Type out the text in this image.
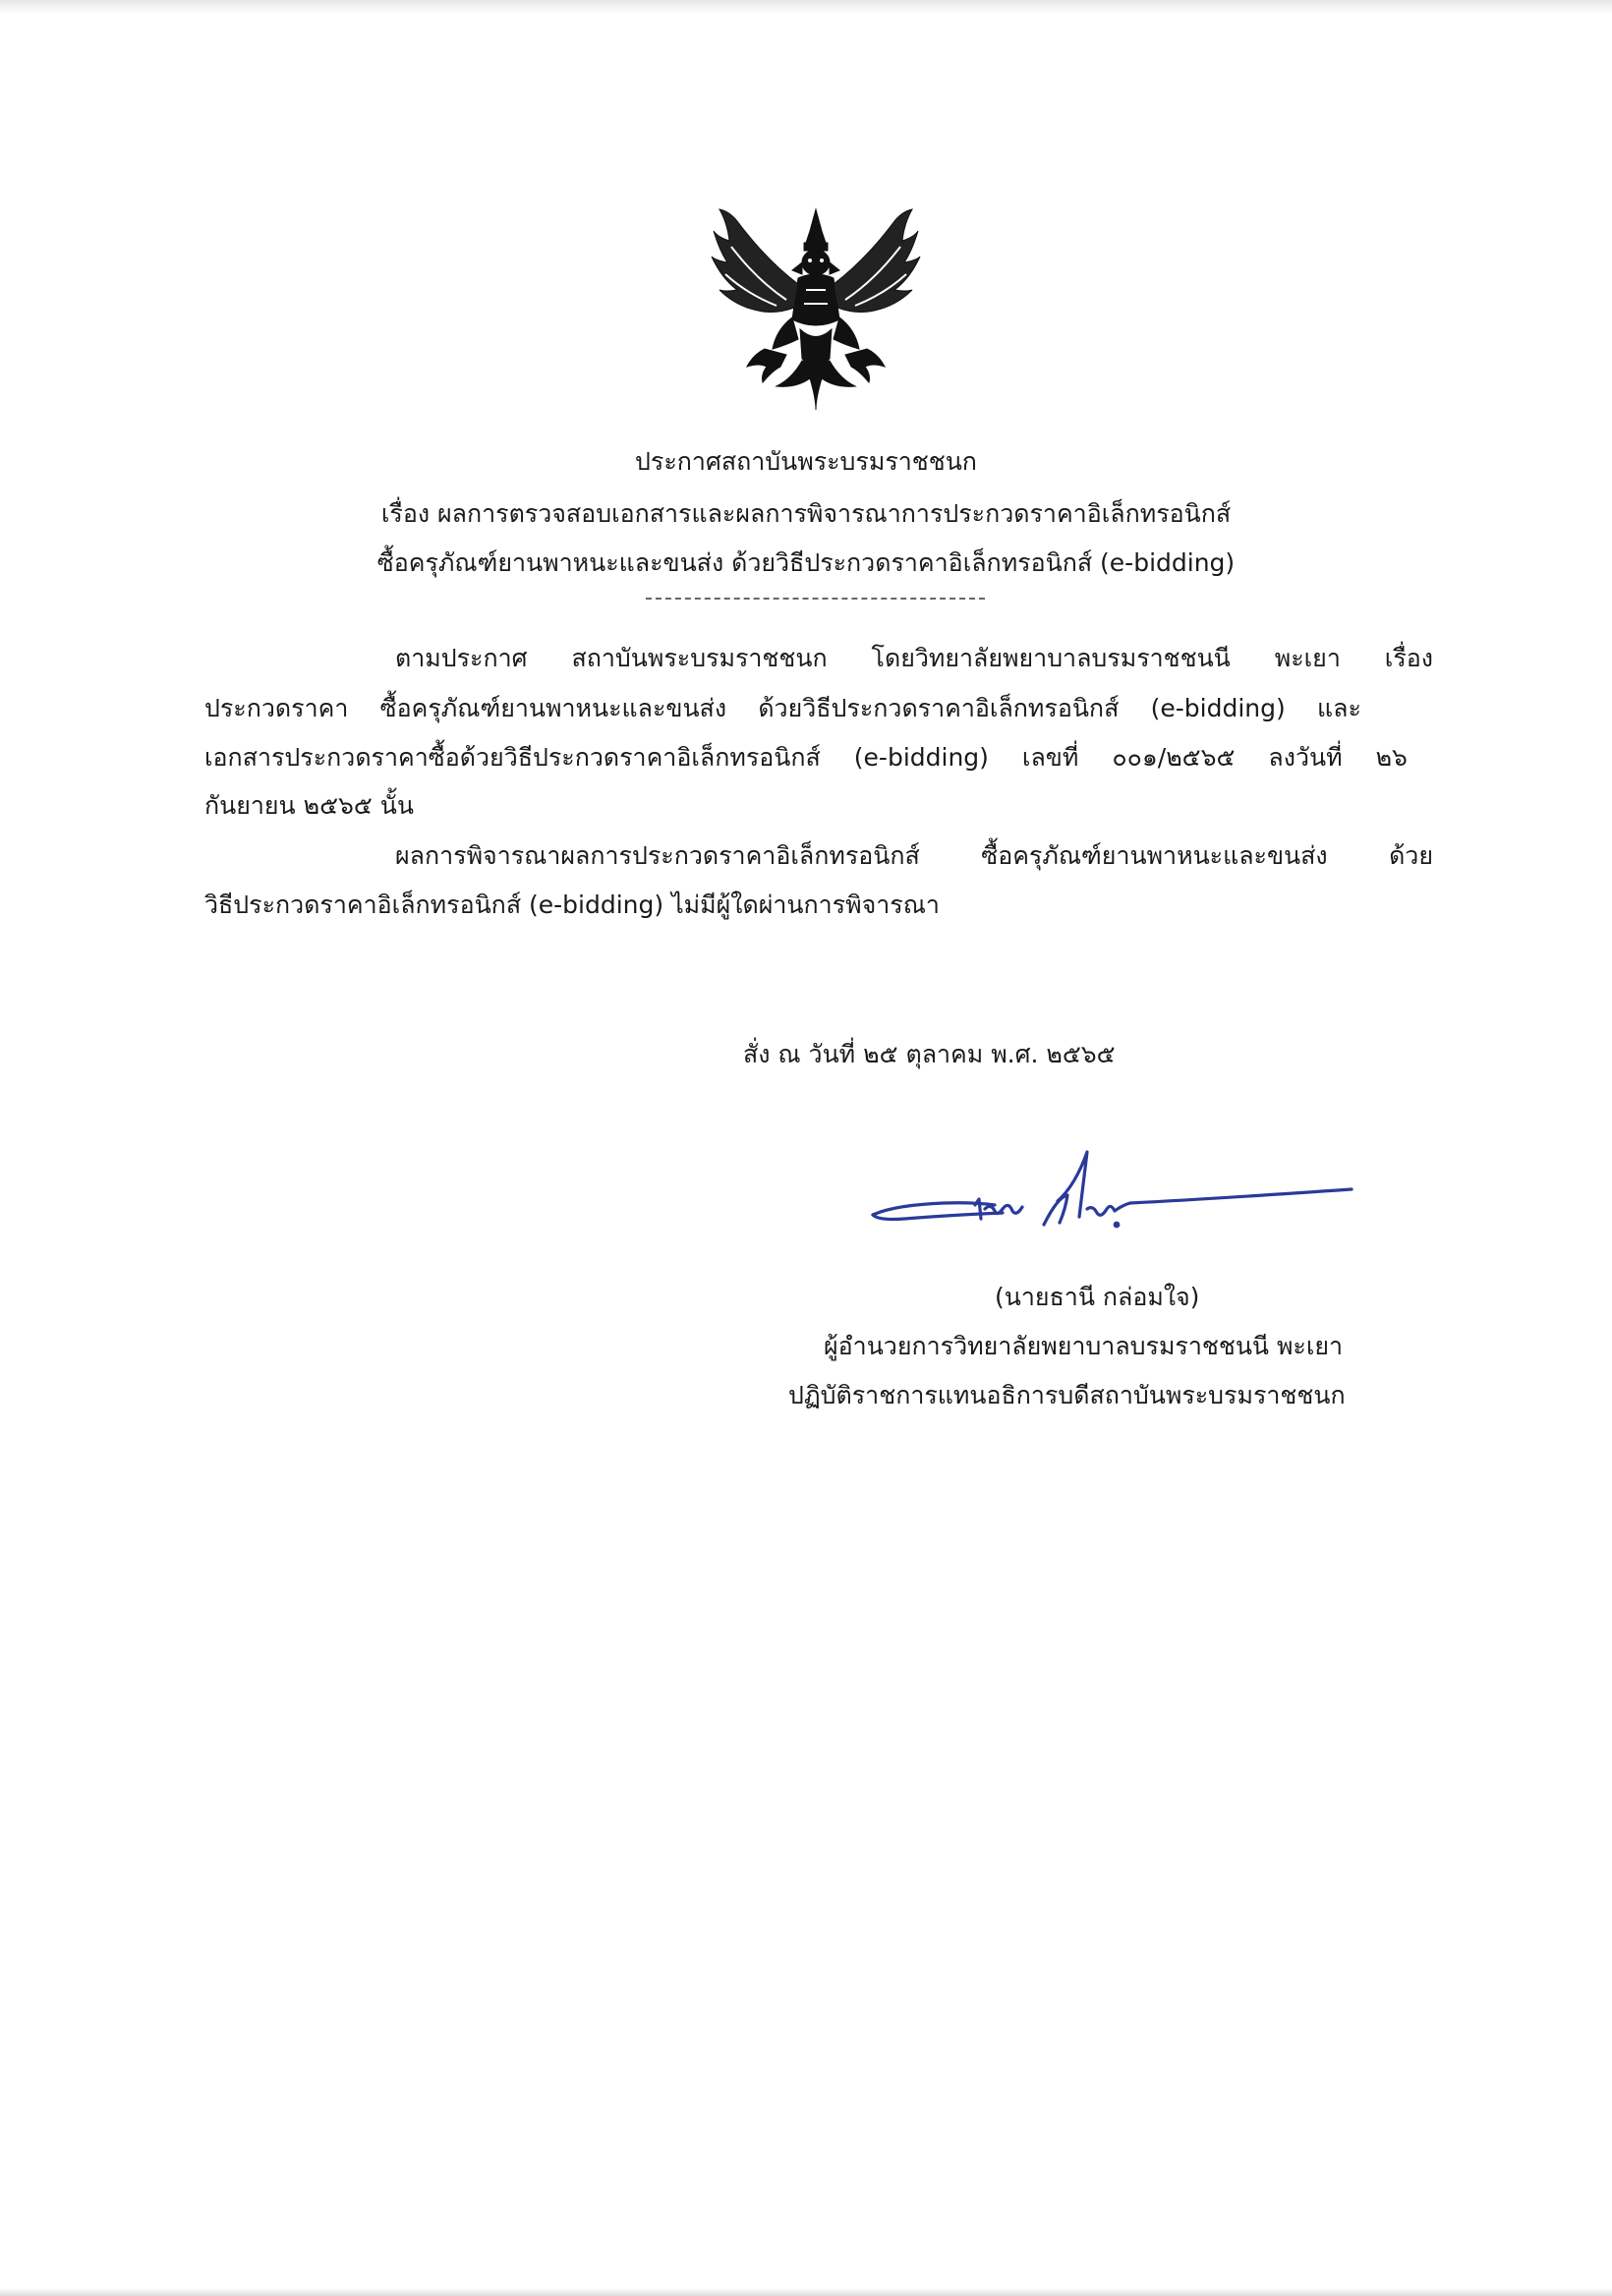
ประกาศสถาบันพระบรมราชชนก
เรื่อง ผลการตรวจสอบเอกสารและผลการพิจารณาการประกวดราคาอิเล็กทรอนิกส์
ซื้อครุภัณฑ์ยานพาหนะและขนส่ง ด้วยวิธีประกวดราคาอิเล็กทรอนิกส์ (e-bidding)
ตามประกาศ สถาบันพระบรมราชชนก โดยวิทยาลัยพยาบาลบรมราชชนนี พะเยา เรื่อง
ประกวดราคา ซื้อครุภัณฑ์ยานพาหนะและขนส่ง ด้วยวิธีประกวดราคาอิเล็กทรอนิกส์ (e-bidding) และ
เอกสารประกวดราคาซื้อด้วยวิธีประกวดราคาอิเล็กทรอนิกส์ (e-bidding) เลขที่ ๐๐๑/๒๕๖๕ ลงวันที่ ๒๖
กันยายน ๒๕๖๕ นั้น
ผลการพิจารณาผลการประกวดราคาอิเล็กทรอนิกส์ ซื้อครุภัณฑ์ยานพาหนะและขนส่ง ด้วย
วิธีประกวดราคาอิเล็กทรอนิกส์ (e-bidding) ไม่มีผู้ใดผ่านการพิจารณา
สั่ง ณ วันที่ ๒๕ ตุลาคม พ.ศ. ๒๕๖๕
(นายธานี กล่อมใจ)
ผู้อำนวยการวิทยาลัยพยาบาลบรมราชชนนี พะเยา
ปฏิบัติราชการแทนอธิการบดีสถาบันพระบรมราชชนก
